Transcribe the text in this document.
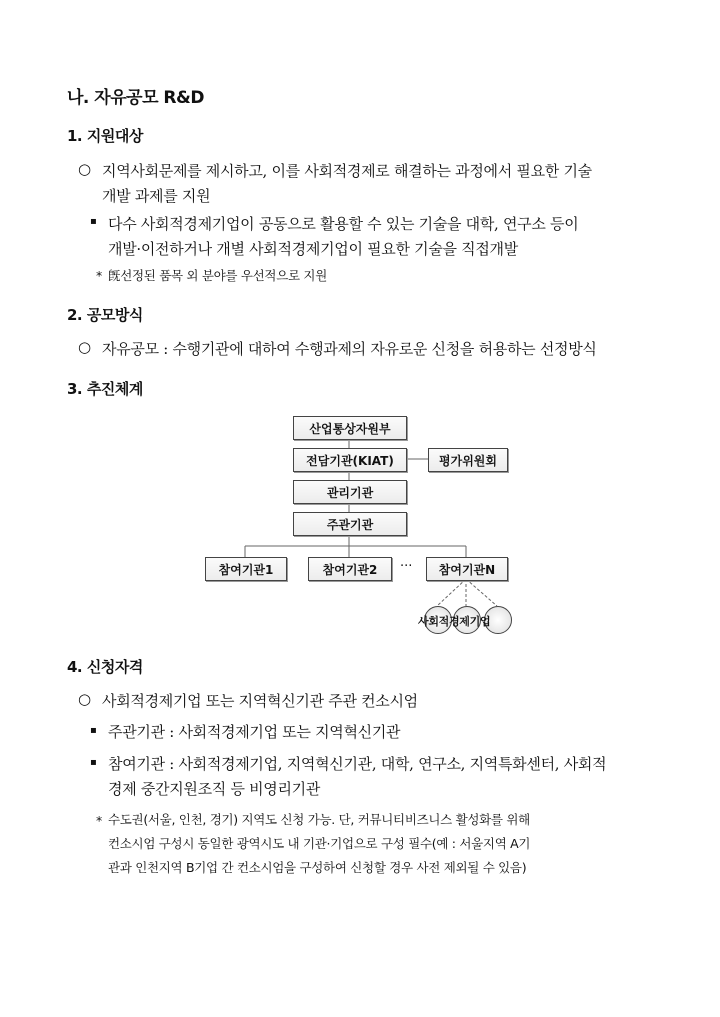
나. 자유공모 R&D
1. 지원대상
○ 지역사회문제를 제시하고, 이를 사회적경제로 해결하는 과정에서 필요한 기술
개발 과제를 지원
▪ 다수 사회적경제기업이 공동으로 활용할 수 있는 기술을 대학, 연구소 등이
개발·이전하거나 개별 사회적경제기업이 필요한 기술을 직접개발
* 旣선정된 품목 외 분야를 우선적으로 지원
2. 공모방식
○ 자유공모 : 수행기관에 대하여 수행과제의 자유로운 신청을 허용하는 선정방식
3. 추진체계
산업통상자원부
전담기관(KIAT)	평가위원회
관리기관
주관기관
참여기관1	참여기관2	···	참여기관N
사회적경제기업
4. 신청자격
○ 사회적경제기업 또는 지역혁신기관 주관 컨소시엄
▪ 주관기관 : 사회적경제기업 또는 지역혁신기관
▪ 참여기관 : 사회적경제기업, 지역혁신기관, 대학, 연구소, 지역특화센터, 사회적
경제 중간지원조직 등 비영리기관
* 수도권(서울, 인천, 경기) 지역도 신청 가능. 단, 커뮤니티비즈니스 활성화를 위해
컨소시엄 구성시 동일한 광역시도 내 기관·기업으로 구성 필수(예 : 서울지역 A기
관과 인천지역 B기업 간 컨소시엄을 구성하여 신청할 경우 사전 제외될 수 있음)
